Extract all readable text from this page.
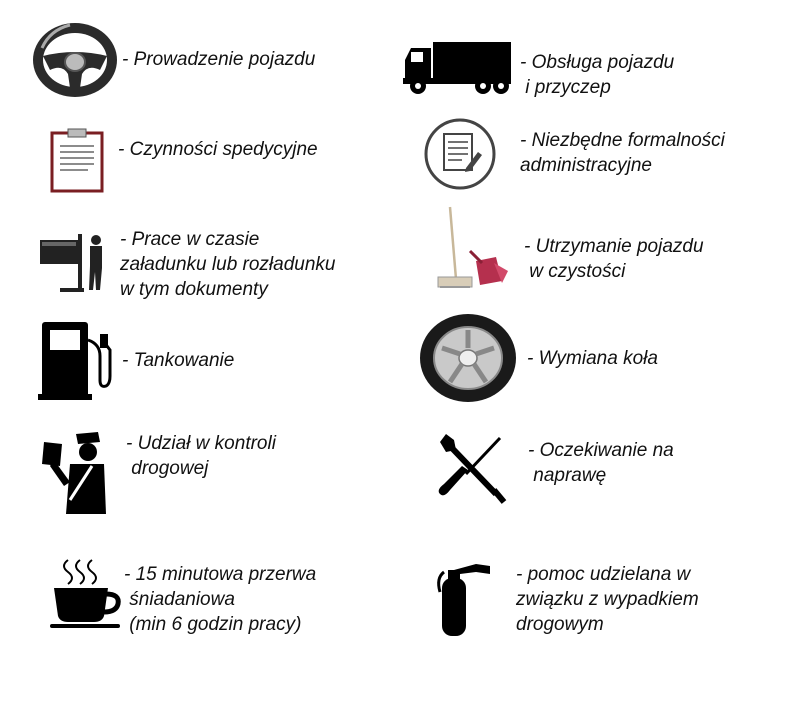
- Prowadzenie pojazdu	- Obsługa pojazdu
i przyczep

- Czynności spedycyjne	- Niezbędne formalności
administracyjne

- Prace w czasie
załadunku lub rozładunku
w tym dokumenty

- Utrzymanie pojazdu
w czystości

- Tankowanie	- Wymiana koła

- Udział w kontroli
drogowej

- Oczekiwanie na
naprawę

- 15 minutowa przerwa
śniadaniowa
(min 6 godzin pracy)

- pomoc udzielana w
związku z wypadkiem
drogowym
